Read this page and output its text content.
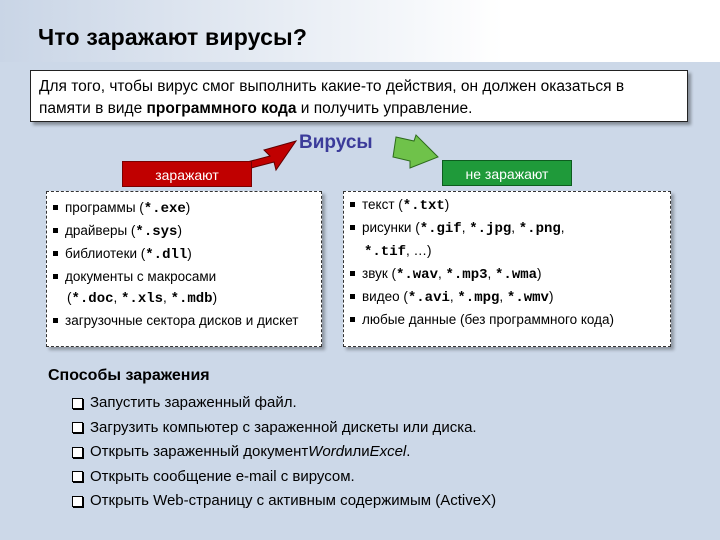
Что заражают вирусы?
Для того, чтобы вирус смог выполнить какие-то действия, он должен оказаться в памяти в виде программного кода и получить управление.
Вирусы
заражают	не заражают
программы (*.exe)
драйверы (*.sys)
библиотеки (*.dll)
документы с макросами
(*.doc, *.xls, *.mdb)
загрузочные сектора дисков и дискет
текст (*.txt)
рисунки (*.gif, *.jpg, *.png,
*.tif, …)
звук (*.wav, *.mp3, *.wma)
видео (*.avi, *.mpg, *.wmv)
любые данные (без программного кода)
Способы заражения
Запустить зараженный файл.
Загрузить компьютер с зараженной дискеты или диска.
Открыть зараженный документ Word или Excel .
Открыть сообщение e-mail с вирусом.
Открыть Web-страницу с активным содержимым (ActiveX)
